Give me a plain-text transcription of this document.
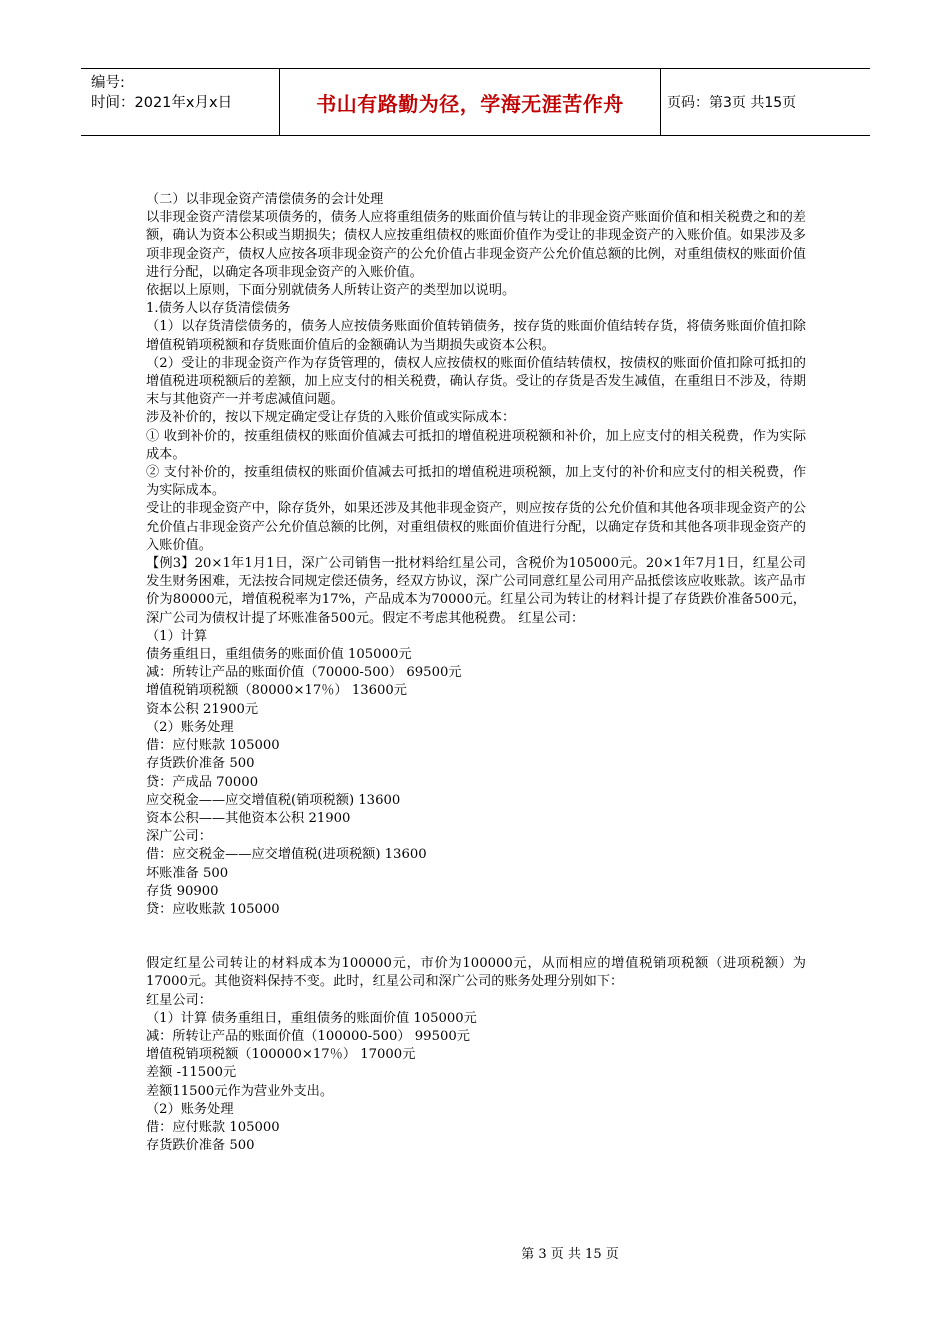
编号:
时间：2021年x月x日	书山有路勤为径，学海无涯苦作舟	页码：第3页 共15页

（二）以非现金资产清偿债务的会计处理

以非现金资产清偿某项债务的，债务人应将重组债务的账面价值与转让的非现金资产账面价值和相关税费之和的差额，确认为资本公积或当期损失；债权人应按重组债权的账面价值作为受让的非现金资产的入账价值。如果涉及多项非现金资产，债权人应按各项非现金资产的公允价值占非现金资产公允价值总额的比例，对重组债权的账面价值进行分配，以确定各项非现金资产的入账价值。

依据以上原则，下面分别就债务人所转让资产的类型加以说明。

1.债务人以存货清偿债务

（1）以存货清偿债务的，债务人应按债务账面价值转销债务，按存货的账面价值结转存货，将债务账面价值扣除增值税销项税额和存货账面价值后的金额确认为当期损失或资本公积。

（2）受让的非现金资产作为存货管理的，债权人应按债权的账面价值结转债权，按债权的账面价值扣除可抵扣的增值税进项税额后的差额，加上应支付的相关税费，确认存货。受让的存货是否发生减值，在重组日不涉及，待期末与其他资产一并考虑减值问题。

涉及补价的，按以下规定确定受让存货的入账价值或实际成本：

① 收到补价的，按重组债权的账面价值减去可抵扣的增值税进项税额和补价，加上应支付的相关税费，作为实际成本。

② 支付补价的，按重组债权的账面价值减去可抵扣的增值税进项税额，加上支付的补价和应支付的相关税费，作为实际成本。

受让的非现金资产中，除存货外，如果还涉及其他非现金资产，则应按存货的公允价值和其他各项非现金资产的公允价值占非现金资产公允价值总额的比例，对重组债权的账面价值进行分配，以确定存货和其他各项非现金资产的入账价值。

【例3】20×1年1月1日，深广公司销售一批材料给红星公司，含税价为105000元。20×1年7月1日，红星公司发生财务困难，无法按合同规定偿还债务，经双方协议，深广公司同意红星公司用产品抵偿该应收账款。该产品市价为80000元，增值税税率为17%，产品成本为70000元。红星公司为转让的材料计提了存货跌价准备500元，深广公司为债权计提了坏账准备500元。假定不考虑其他税费。 红星公司：

（1）计算

债务重组日，重组债务的账面价值 105000元

减：所转让产品的账面价值（70000-500） 69500元

增值税销项税额（80000×17％） 13600元

资本公积 21900元

（2）账务处理

借：应付账款 105000

存货跌价准备 500

贷：产成品 70000

应交税金——应交增值税(销项税额) 13600

资本公积——其他资本公积 21900

深广公司：

借：应交税金——应交增值税(进项税额) 13600

坏账准备 500

存货 90900

贷：应收账款 105000

假定红星公司转让的材料成本为100000元，市价为100000元，从而相应的增值税销项税额（进项税额）为17000元。其他资料保持不变。此时，红星公司和深广公司的账务处理分别如下：

红星公司：

（1）计算 债务重组日，重组债务的账面价值 105000元

减：所转让产品的账面价值（100000-500） 99500元

增值税销项税额（100000×17％） 17000元

差额 -11500元

差额11500元作为营业外支出。

（2）账务处理

借：应付账款 105000

存货跌价准备 500

第 3 页 共 15 页
